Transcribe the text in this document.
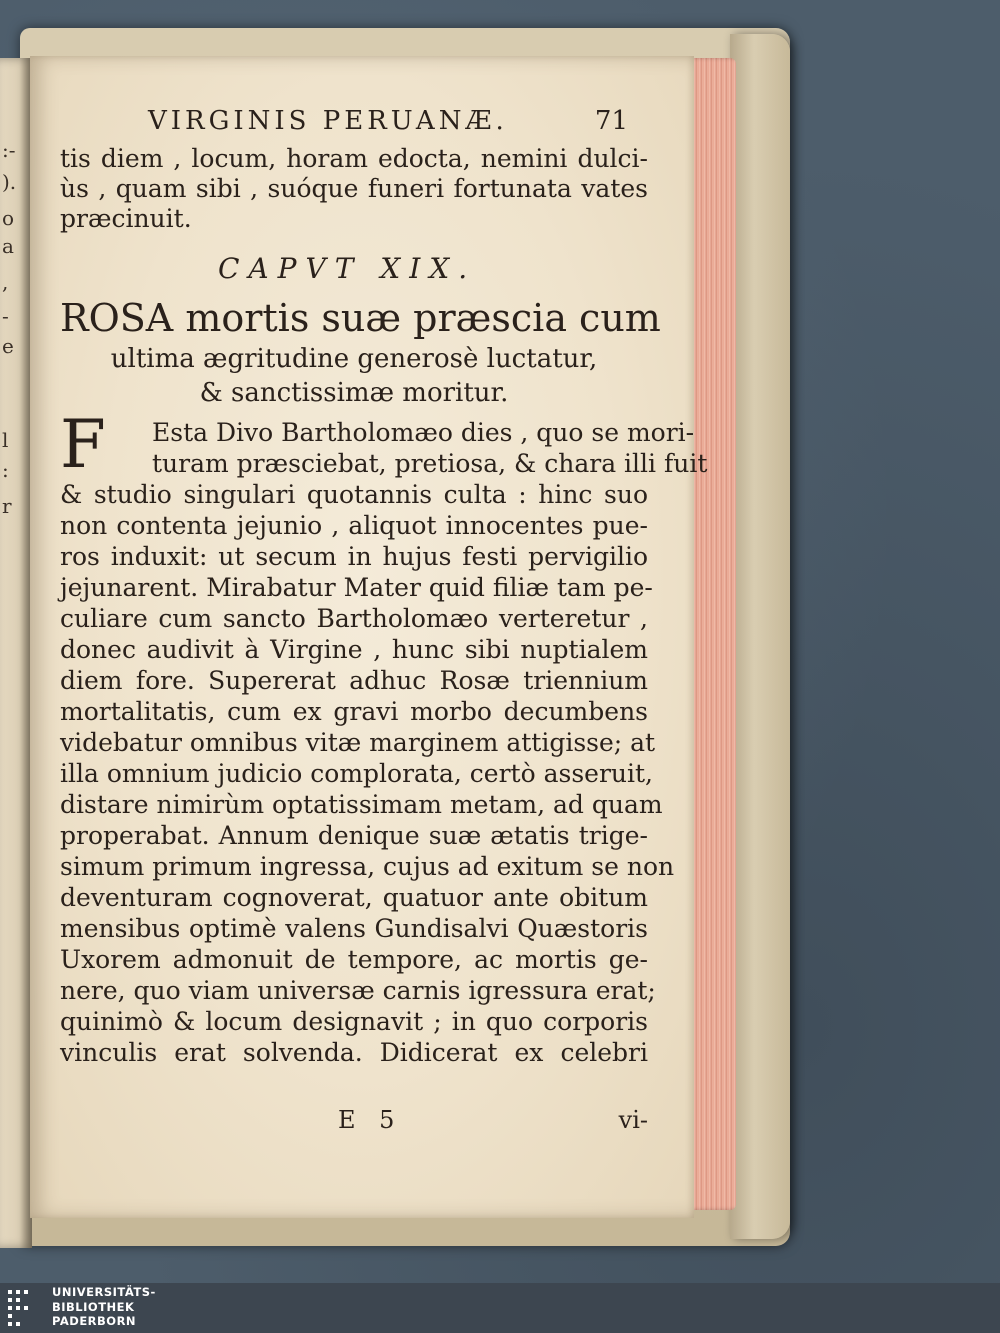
:-
).
o
a
,
-
e
l
:
r
VIRGINIS PERUANÆ.	71
tis diem , locum, horam edocta, nemini dulci-
ùs , quam sibi , suóque funeri fortunata vates
præcinuit.
CAPVT XIX.
ROSA mortis suæ præscia cum
ultima ægritudine generosè luctatur,
& sanctissimæ moritur.
F	Esta Divo Bartholomæo dies , quo se mori-
turam præsciebat, pretiosa, & chara illi fuit
& studio singulari quotannis culta : hinc suo
non contenta jejunio , aliquot innocentes pue-
ros induxit: ut secum in hujus festi pervigilio
jejunarent. Mirabatur Mater quid filiæ tam pe-
culiare cum sancto Bartholomæo verteretur ,
donec audivit à Virgine , hunc sibi nuptialem
diem fore. Supererat adhuc Rosæ triennium
mortalitatis, cum ex gravi morbo decumbens
videbatur omnibus vitæ marginem attigisse; at
illa omnium judicio complorata, certò asseruit,
distare nimirùm optatissimam metam, ad quam
properabat. Annum denique suæ ætatis trige-
simum primum ingressa, cujus ad exitum se non
deventuram cognoverat, quatuor ante obitum
mensibus optimè valens Gundisalvi Quæstoris
Uxorem admonuit de tempore, ac mortis ge-
nere, quo viam universæ carnis igressura erat;
quinimò & locum designavit ; in quo corporis
vinculis erat solvenda. Didicerat ex celebri
E 5	vi-
UNIVERSITÄTS-
BIBLIOTHEK
PADERBORN
